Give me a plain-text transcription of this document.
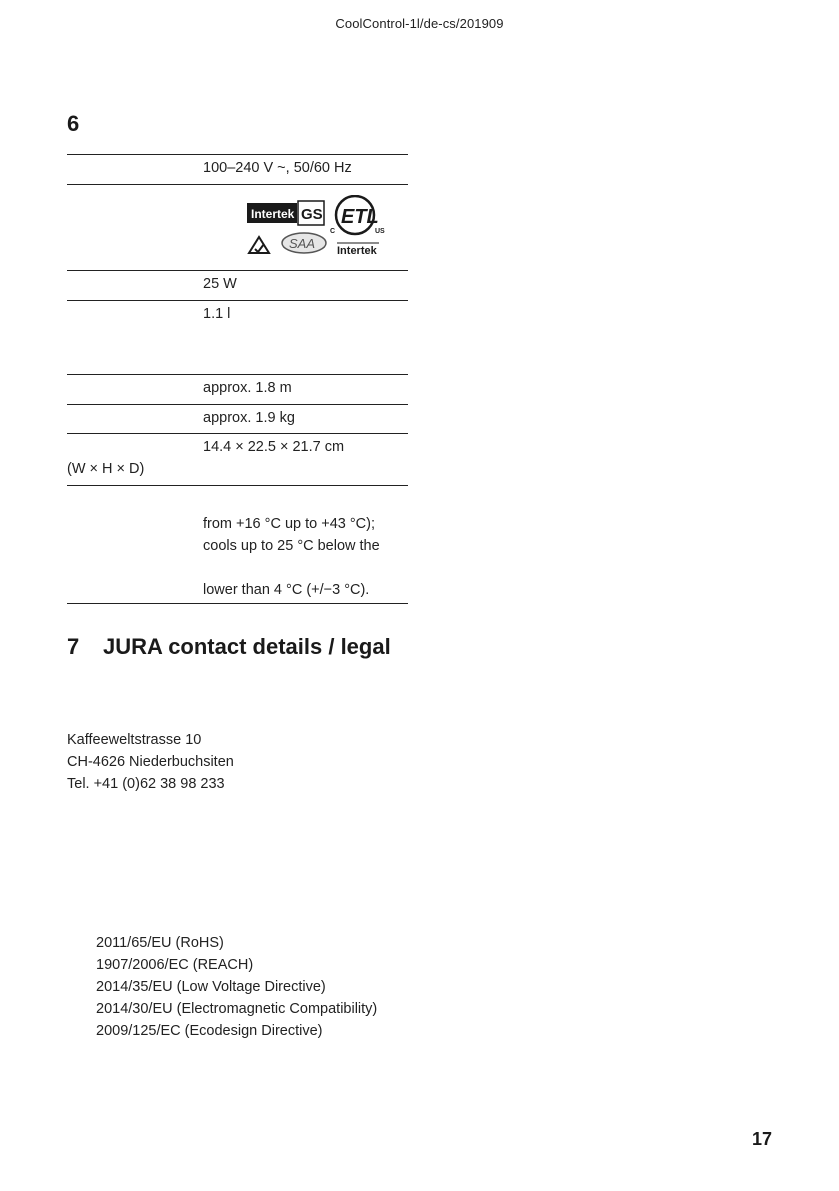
CoolControl-1l/de-cs/201909
6
100–240 V ~, 50/60 Hz
Intertek GS ETL
C	US
Intertek
SAA
25 W
1.1 l
approx. 1.8 m
approx. 1.9 kg
14.4 × 22.5 × 21.7 cm
(W × H × D)
from +16 °C up to +43 °C);
cools up to 25 °C below the
lower than 4 °C (+/−3 °C).
7 JURA contact details / legal
Kaffeeweltstrasse 10
CH-4626 Niederbuchsiten
Tel. +41 (0)62 38 98 233
2011/65/EU (RoHS)
1907/2006/EC (REACH)
2014/35/EU (Low Voltage Directive)
2014/30/EU (Electromagnetic Compatibility)
2009/125/EC (Ecodesign Directive)
17
